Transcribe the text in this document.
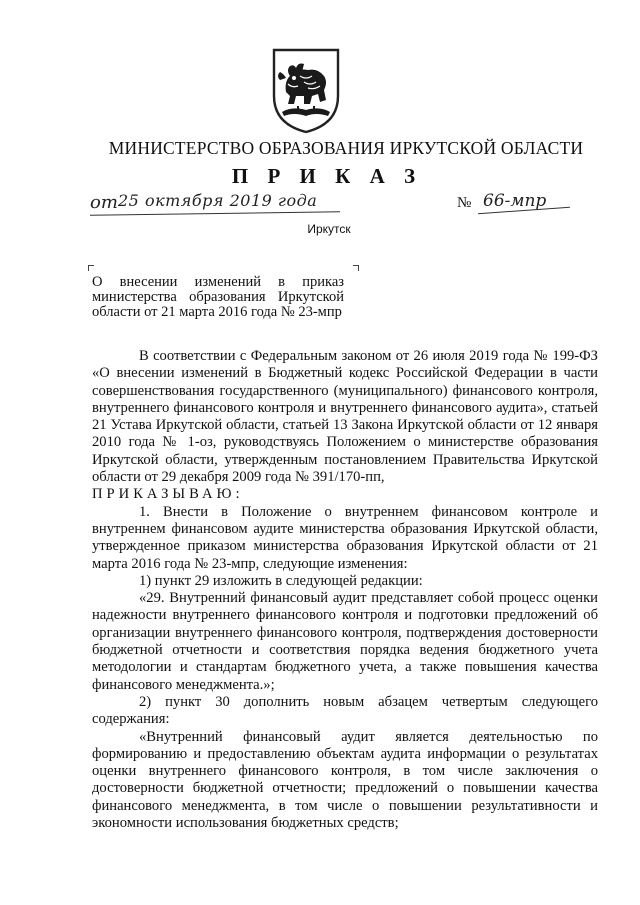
МИНИСТЕРСТВО ОБРАЗОВАНИЯ ИРКУТСКОЙ ОБЛАСТИ
П Р И К А З
от 25 октября 2019 года	№ 66-мпр
Иркутск
О внесении изменений в приказ министерства образования Иркутской области от 21 марта 2016 года № 23-мпр

В соответствии с Федеральным законом от 26 июля 2019 года № 199-ФЗ «О внесении изменений в Бюджетный кодекс Российской Федерации в части совершенствования государственного (муниципального) финансового контроля, внутреннего финансового контроля и внутреннего финансового аудита», статьей 21 Устава Иркутской области, статьей 13 Закона Иркутской области от 12 января 2010 года № 1-оз, руководствуясь Положением о министерстве образования Иркутской области, утвержденным постановлением Правительства Иркутской области от 29 декабря 2009 года № 391/170-пп,

ПРИКАЗЫВАЮ:

1. Внести в Положение о внутреннем финансовом контроле и внутреннем финансовом аудите министерства образования Иркутской области, утвержденное приказом министерства образования Иркутской области от 21 марта 2016 года № 23-мпр, следующие изменения:

1) пункт 29 изложить в следующей редакции:

«29. Внутренний финансовый аудит представляет собой процесс оценки надежности внутреннего финансового контроля и подготовки предложений об организации внутреннего финансового контроля, подтверждения достоверности бюджетной отчетности и соответствия порядка ведения бюджетного учета методологии и стандартам бюджетного учета, а также повышения качества финансового менеджмента.»;

2) пункт 30 дополнить новым абзацем четвертым следующего содержания:

«Внутренний финансовый аудит является деятельностью по формированию и предоставлению объектам аудита информации о результатах оценки внутреннего финансового контроля, в том числе заключения о достоверности бюджетной отчетности; предложений о повышении качества финансового менеджмента, в том числе о повышении результативности и экономности использования бюджетных средств;
